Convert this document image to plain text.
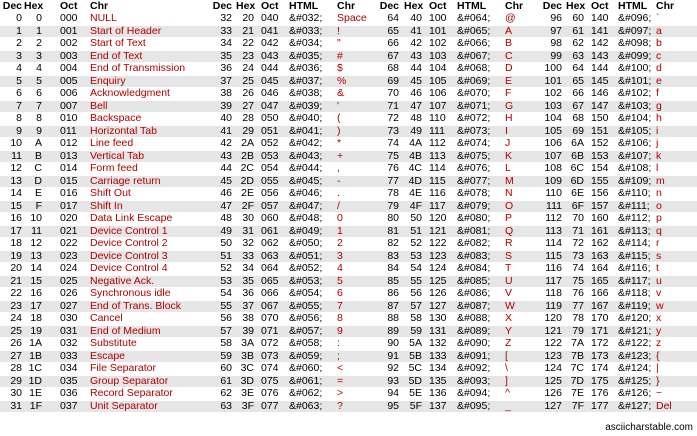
Dec Hex Oct Chr	Dec Hex Oct HTML Chr	Dec Hex Oct HTML Chr	Dec Hex Oct HTML Chr
0	0 000 NULL	32 20 040 &#032; Space	64	40 100 &#064; @	96 60 140 &#096; `
1	1 001 Start of Header	33 21 041 &#033; !	65	41 101 &#065; A	97 61 141 &#097; a
2	2 002 Start of Text	34 22 042 &#034; "	66	42 102 &#066; B	98 62 142 &#098; b
3	3 003 End of Text	35 23 043 &#035; #	67	43 103 &#067; C	99 63 143 &#099; c
4	4 004 End of Transmission	36 24 044 &#036; $	68	44 104 &#068; D	100 64 144 &#100; d
5	5 005 Enquiry	37 25 045 &#037; %	69	45 105 &#069; E	101 65 145 &#101; e
6	6 006 Acknowledgment	38 26 046 &#038; &	70	46 106 &#070; F	102 66 146 &#102; f
7	7 007 Bell	39 27 047 &#039; '	71	47 107 &#071; G	103 67 147 &#103; g
8	8 010 Backspace	40 28 050 &#040; (	72	48 110 &#072; H	104 68 150 &#104; h
9	9 011 Horizontal Tab	41 29 051 &#041; )	73	49 111 &#073; I	105 69 151 &#105; i
10	A 012 Line feed	42 2A 052 &#042; *	74 4A 112 &#074; J	106 6A 152 &#106; j
11	B 013 Vertical Tab	43 2B 053 &#043; +	75 4B 113 &#075; K	107 6B 153 &#107; k
12	C 014 Form feed	44 2C 054 &#044; ,	76 4C 114 &#076; L	108 6C 154 &#108; l
13	D 015 Carriage return	45 2D 055 &#045; -	77 4D 115 &#077; M	109 6D 155 &#109; m
14	E 016 Shift Out	46 2E 056 &#046; .	78 4E 116 &#078; N	110 6E 156 &#110; n
15	F 017 Shift In	47 2F 057 &#047; /	79	4F 117 &#079; O	111 6F 157 &#111; o
16 10 020 Data Link Escape	48 30 060 &#048; 0	80	50 120 &#080; P	112 70 160 &#112; p
17 11 021 Device Control 1	49 31 061 &#049; 1	81	51 121 &#081; Q	113 71 161 &#113; q
18 12 022 Device Control 2	50 32 062 &#050; 2	82	52 122 &#082; R	114 72 162 &#114; r
19 13 023 Device Control 3	51 33 063 &#051; 3	83	53 123 &#083; S	115 73 163 &#115; s
20 14 024 Device Control 4	52 34 064 &#052; 4	84	54 124 &#084; T	116 74 164 &#116; t
21 15 025 Negative Ack.	53 35 065 &#053; 5	85	55 125 &#085; U	117 75 165 &#117; u
22 16 026 Synchronous idle	54 36 066 &#054; 6	86	56 126 &#086; V	118 76 166 &#118; v
23 17 027 End of Trans. Block	55 37 067 &#055; 7	87	57 127 &#087; W	119 77 167 &#119; w
24 18 030 Cancel	56 38 070 &#056; 8	88	58 130 &#088; X	120 78 170 &#120; x
25 19 031 End of Medium	57 39 071 &#057; 9	89	59 131 &#089; Y	121 79 171 &#121; y
26 1A 032 Substitute	58 3A 072 &#058; :	90 5A 132 &#090; Z	122 7A 172 &#122; z
27 1B 033 Escape	59 3B 073 &#059; ;	91 5B 133 &#091; [	123 7B 173 &#123; {
28 1C 034 File Separator	60 3C 074 &#060; <	92 5C 134 &#092; \	124 7C 174 &#124; |
29 1D 035 Group Separator	61 3D 075 &#061; =	93 5D 135 &#093; ]	125 7D 175 &#125; }
30 1E 036 Record Separator	62 3E 076 &#062; >	94 5E 136 &#094; ^	126 7E 176 &#126; ~
31 1F 037 Unit Separator	63 3F 077 &#063; ?	95	5F 137 &#095; _	127 7F 177 &#127; Del
asciicharstable.com
